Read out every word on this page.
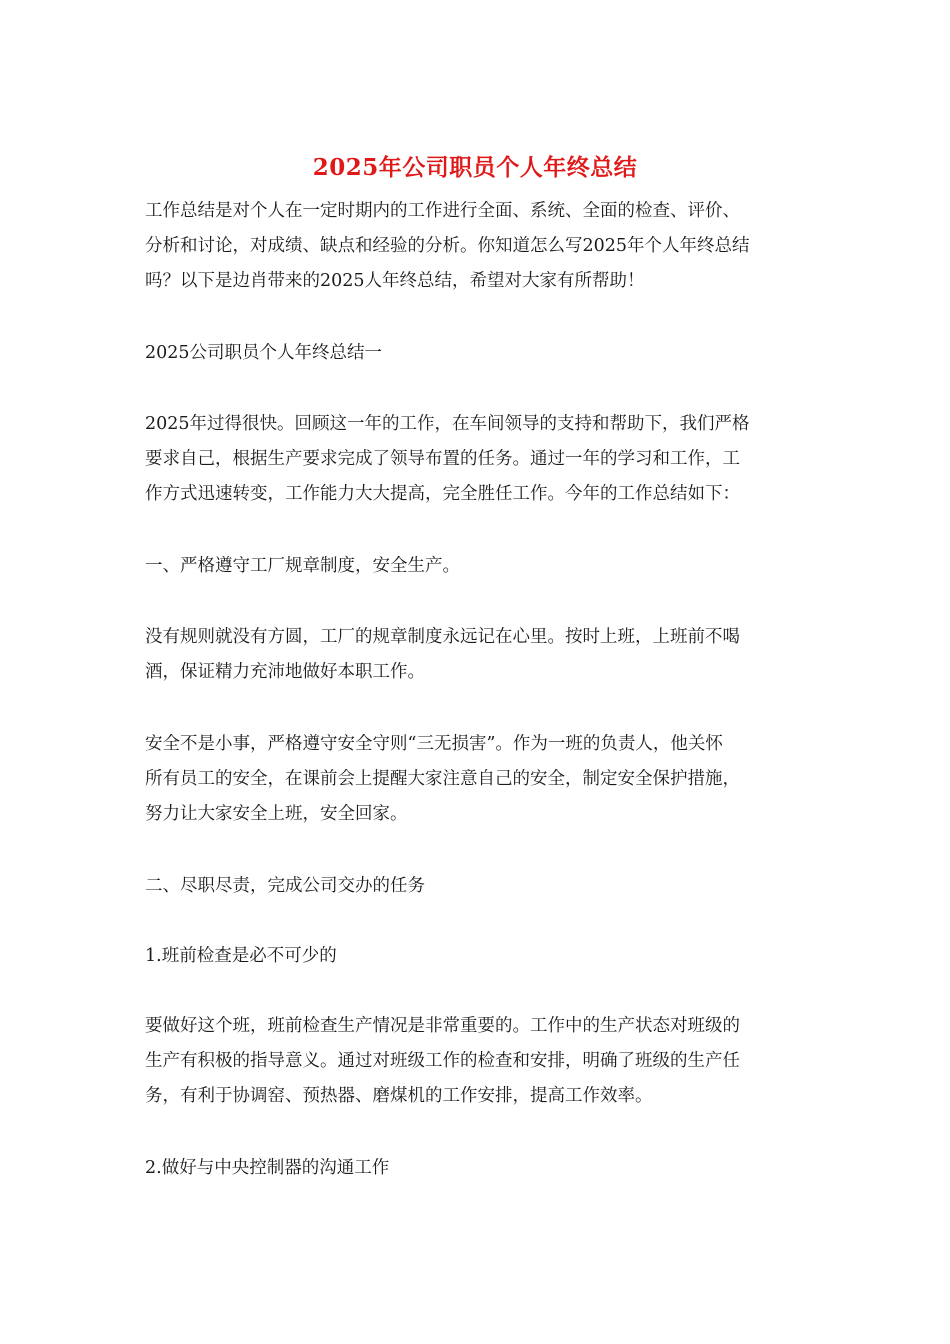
2025年公司职员个人年终总结
工作总结是对个人在一定时期内的工作进行全面、系统、全面的检查、评价、
分析和讨论，对成绩、缺点和经验的分析。你知道怎么写2025年个人年终总结
吗？以下是边肖带来的2025人年终总结，希望对大家有所帮助！
2025公司职员个人年终总结一
2025年过得很快。回顾这一年的工作，在车间领导的支持和帮助下，我们严格
要求自己，根据生产要求完成了领导布置的任务。通过一年的学习和工作，工
作方式迅速转变，工作能力大大提高，完全胜任工作。今年的工作总结如下：
一、严格遵守工厂规章制度，安全生产。
没有规则就没有方圆，工厂的规章制度永远记在心里。按时上班，上班前不喝
酒，保证精力充沛地做好本职工作。
安全不是小事，严格遵守安全守则“三无损害”。作为一班的负责人，他关怀
所有员工的安全，在课前会上提醒大家注意自己的安全，制定安全保护措施，
努力让大家安全上班，安全回家。
二、尽职尽责，完成公司交办的任务
1.班前检查是必不可少的
要做好这个班，班前检查生产情况是非常重要的。工作中的生产状态对班级的
生产有积极的指导意义。通过对班级工作的检查和安排，明确了班级的生产任
务，有利于协调窑、预热器、磨煤机的工作安排，提高工作效率。
2.做好与中央控制器的沟通工作
